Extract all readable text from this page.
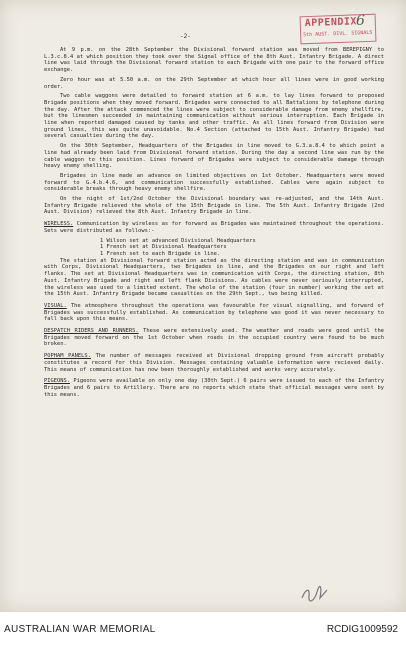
-2-
APPENDIX
5th AUST. DIVL. SIGNALS
6

At 9 p.m. on the 28th September the Divisional forward station was moved from BEREPIGNY to L.3.c.8.4 at which position they took over the Signal office of the 8th Aust. Infantry Brigade. A direct line was laid through the Divisional forward station to each Brigade with one pair to the forward office exchange.

Zero hour was at 5.50 a.m. on the 29th September at which hour all lines were in good working order.

Two cable waggons were detailed to forward station at 6 a.m. to lay lines forward to proposed Brigade positions when they moved forward. Brigades were connected to all Battalions by telephone during the day. After the attack commenced the lines were subject to considerable damage from enemy shellfire, but the linesmen succeeded in maintaining communication without serious interruption. Each Brigade in line when reported damaged caused by tanks and other traffic. As all lines forward from Division were ground lines, this was quite unavoidable. No.4 Section (attached to 15th Aust. Infantry Brigade) had several casualties during the day.

On the 30th September, Headquarters of the Brigades in line moved to G.3.a.8.4 to which point a line had already been laid from Divisional forward station. During the day a second line was run by the cable waggon to this position. Lines forward of Brigades were subject to considerable damage through heavy enemy shelling.

Brigades in line made an advance on limited objectives on 1st October. Headquarters were moved forward to G.4.b.4.6, and communication successfully established. Cables were again subject to considerable breaks through heavy enemy shellfire.

On the night of 1st/2nd October the Divisional boundary was re-adjusted, and the 14th Aust. Infantry Brigade relieved the whole of the 15th Brigade in line. The 5th Aust. Infantry Brigade (2nd Aust. Division) relieved the 8th Aust. Infantry Brigade in line.

WIRELESS. Communication by wireless as for forward as Brigades was maintained throughout the operations. Sets were distributed as follows:-

1 Wilson set at advanced Divisional Headquarters
1 French set at Divisional Headquarters
1 French set to each Brigade in line.

The station at Divisional forward station acted as the directing station and was in communication with Corps, Divisional Headquarters, two Brigades in line, and the Brigades on our right and left flanks. The set at Divisional Headquarters was in communication with Corps, the directing station, 8th Aust. Infantry Brigade and right and left flank Divisions. As cables were never seriously interrupted, the wireless was used to a limited extent. The whole of the station (four in number) working the set at the 15th Aust. Infantry Brigade became casualties on the 29th Sept., two being killed.

VISUAL. The atmosphere throughout the operations was favourable for visual signalling, and forward of Brigades was successfully established. As communication by telephone was good it was never necessary to fall back upon this means.

DESPATCH RIDERS AND RUNNERS. These were extensively used. The weather and roads were good until the Brigades moved forward on the 1st October when roads in the occupied country were found to be much broken.

POPHAM PANELS. The number of messages received at Divisional dropping ground from aircraft probably constitutes a record for this Division. Messages containing valuable information were recieved daily. This means of communication has now been thoroughly established and works very accurately.

PIGEONS. Pigeons were available on only one day (30th Sept.) 6 pairs were issued to each of the Infantry Brigades and 6 pairs to Artillery. There are no reports which state that official messages were sent by this means.

AUSTRALIAN WAR MEMORIAL	RCDIG1009592
